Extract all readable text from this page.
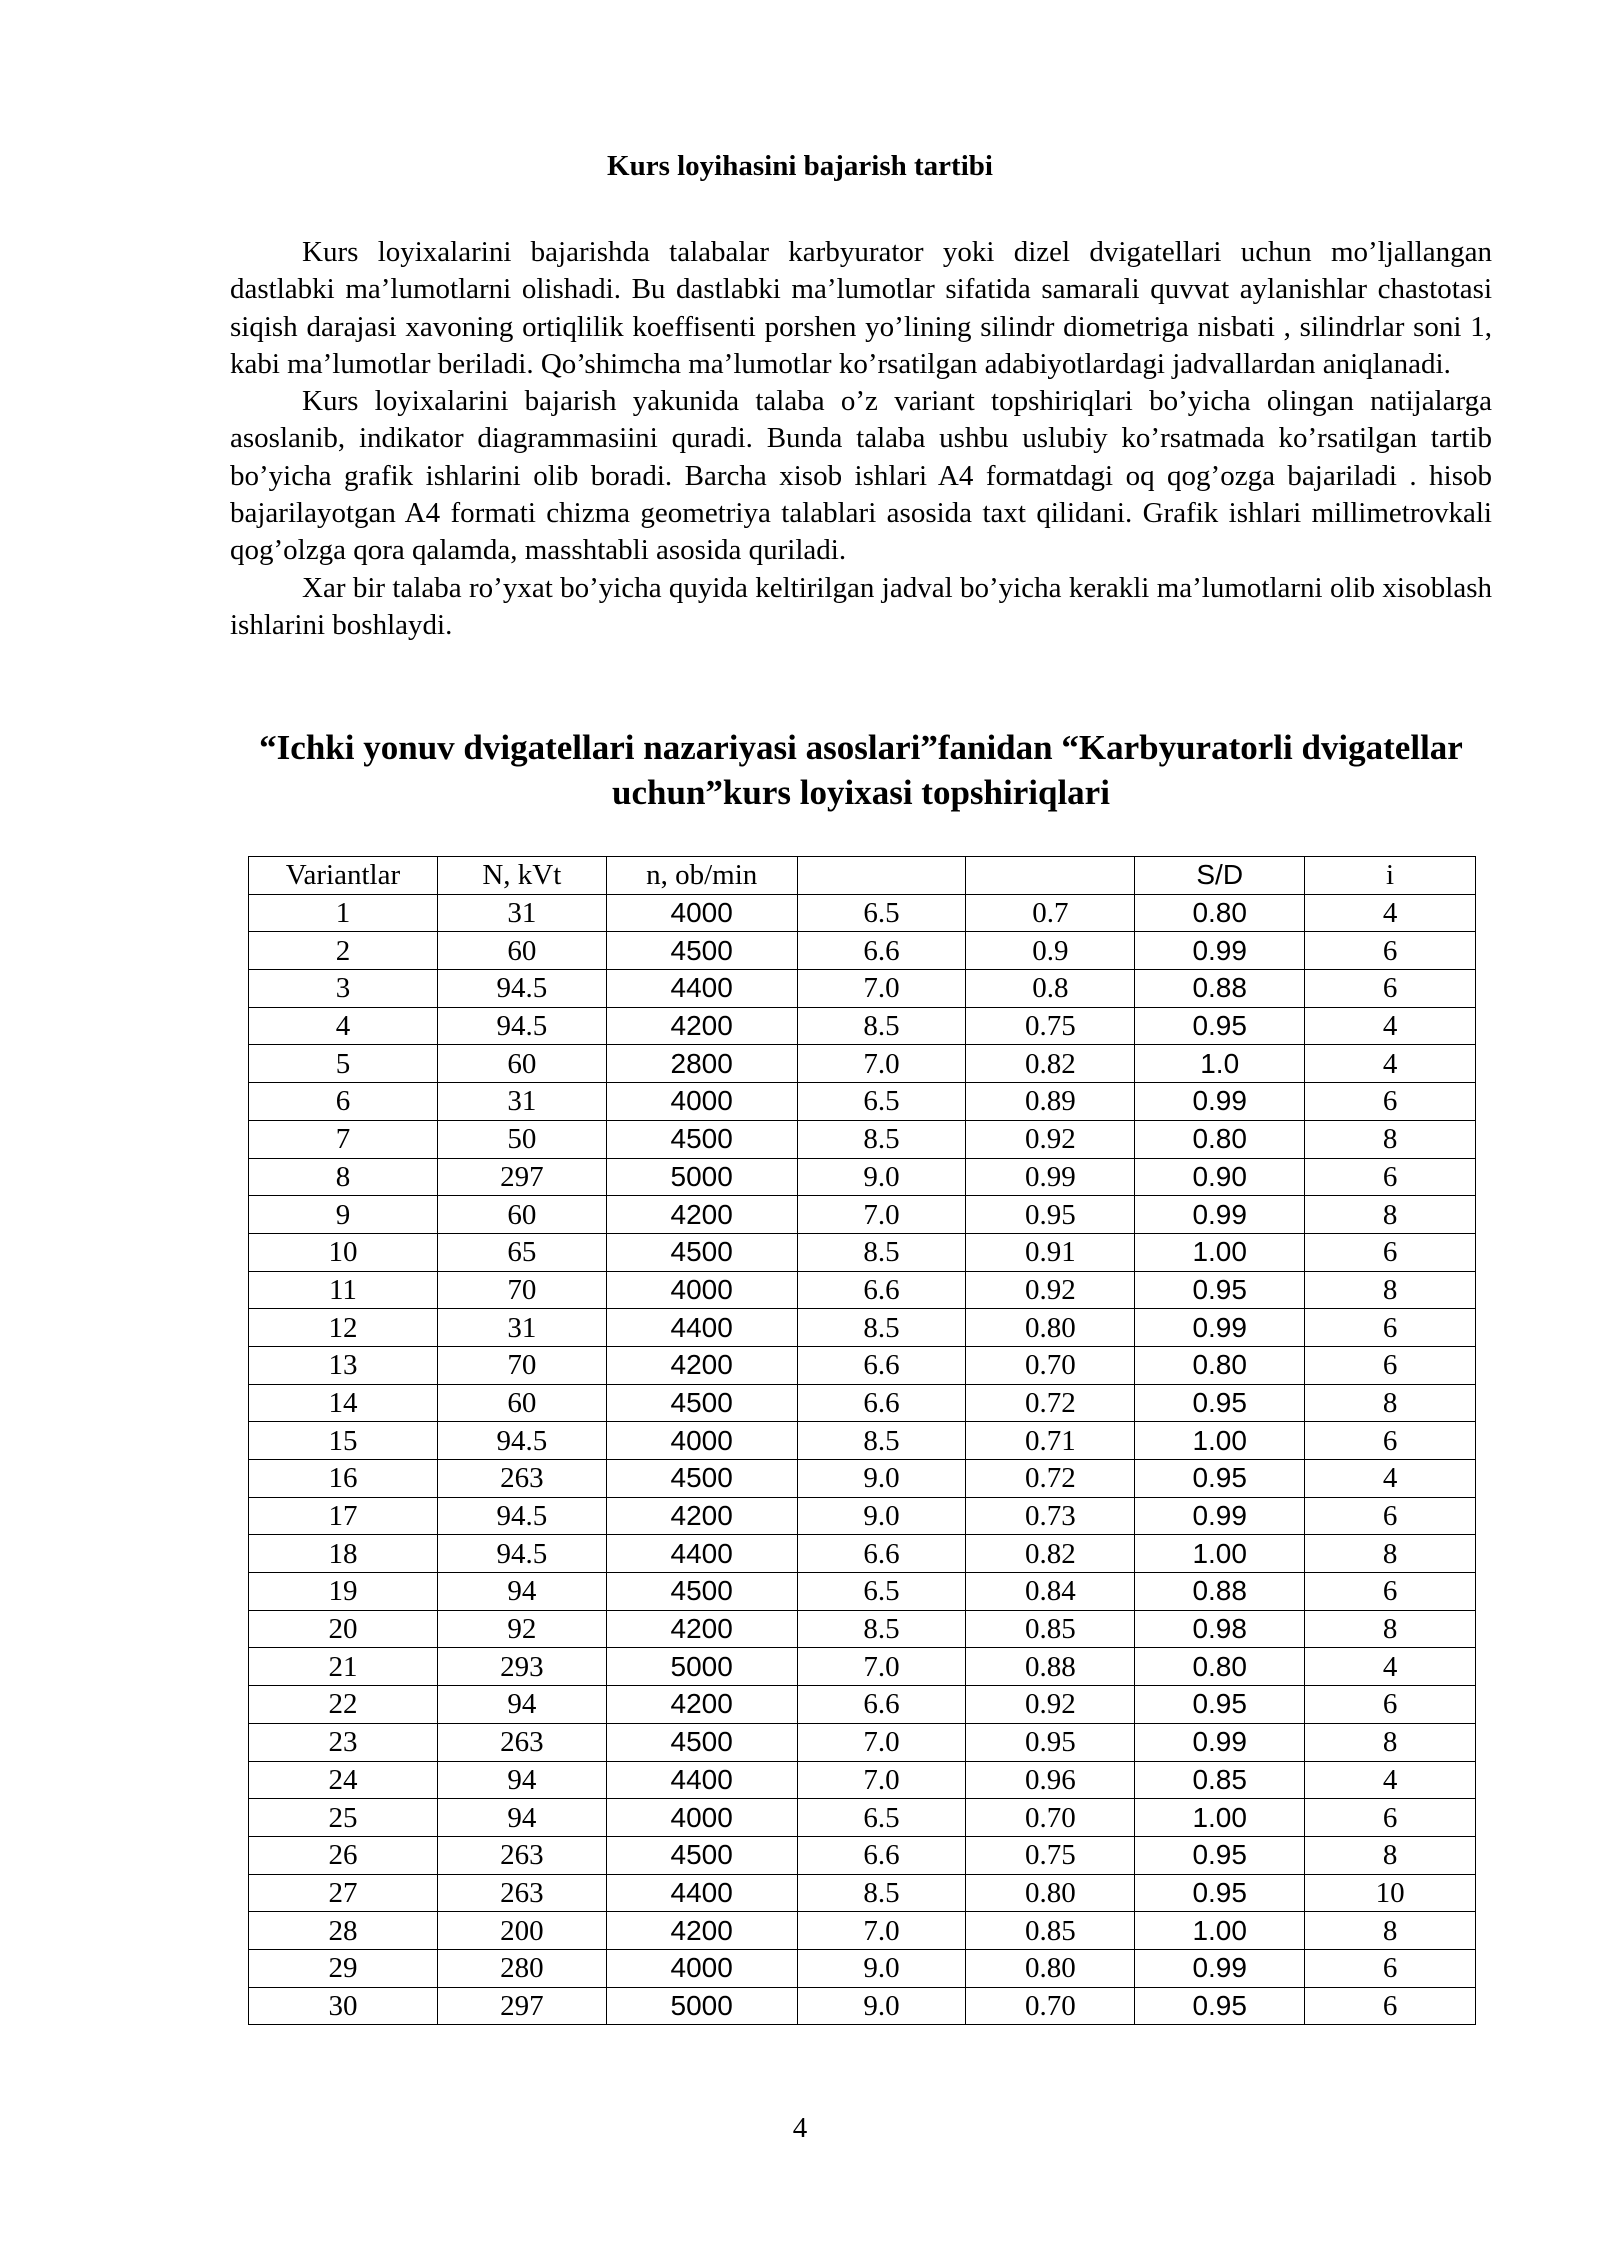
Kurs loyihasini bajarish tartibi

Kurs loyixalarini bajarishda talabalar karbyurator yoki dizel dvigatellari uchun mo’ljallangan dastlabki ma’lumotlarni olishadi. Bu dastlabki ma’lumotlar sifatida samarali quvvat aylanishlar chastotasi siqish darajasi xavoning ortiqlilik koeffisenti porshen yo’lining silindr diometriga nisbati , silindrlar soni 1, kabi ma’lumotlar beriladi. Qo’shimcha ma’lumotlar ko’rsatilgan adabiyotlardagi jadvallardan aniqlanadi.

Kurs loyixalarini bajarish yakunida talaba o’z variant topshiriqlari bo’yicha olingan natijalarga asoslanib, indikator diagrammasiini quradi. Bunda talaba ushbu uslubiy ko’rsatmada ko’rsatilgan tartib bo’yicha grafik ishlarini olib boradi. Barcha xisob ishlari A4 formatdagi oq qog’ozga bajariladi . hisob bajarilayotgan A4 formati chizma geometriya talablari asosida taxt qilidani. Grafik ishlari millimetrovkali qog’olzga qora qalamda, masshtabli asosida quriladi.

Xar bir talaba ro’yxat bo’yicha quyida keltirilgan jadval bo’yicha kerakli ma’lumotlarni olib xisoblash ishlarini boshlaydi.

“Ichki yonuv dvigatellari nazariyasi asoslari”fanidan “Karbyuratorli dvigatellar uchun”kurs loyixasi topshiriqlari
Variantlar	N, kVt	n, ob/min			S/D	i
1	31	4000	6.5	0.7	0.80	4
2	60	4500	6.6	0.9	0.99	6
3	94.5	4400	7.0	0.8	0.88	6
4	94.5	4200	8.5	0.75	0.95	4
5	60	2800	7.0	0.82	1.0	4
6	31	4000	6.5	0.89	0.99	6
7	50	4500	8.5	0.92	0.80	8
8	297	5000	9.0	0.99	0.90	6
9	60	4200	7.0	0.95	0.99	8
10	65	4500	8.5	0.91	1.00	6
11	70	4000	6.6	0.92	0.95	8
12	31	4400	8.5	0.80	0.99	6
13	70	4200	6.6	0.70	0.80	6
14	60	4500	6.6	0.72	0.95	8
15	94.5	4000	8.5	0.71	1.00	6
16	263	4500	9.0	0.72	0.95	4
17	94.5	4200	9.0	0.73	0.99	6
18	94.5	4400	6.6	0.82	1.00	8
19	94	4500	6.5	0.84	0.88	6
20	92	4200	8.5	0.85	0.98	8
21	293	5000	7.0	0.88	0.80	4
22	94	4200	6.6	0.92	0.95	6
23	263	4500	7.0	0.95	0.99	8
24	94	4400	7.0	0.96	0.85	4
25	94	4000	6.5	0.70	1.00	6
26	263	4500	6.6	0.75	0.95	8
27	263	4400	8.5	0.80	0.95	10
28	200	4200	7.0	0.85	1.00	8
29	280	4000	9.0	0.80	0.99	6
30	297	5000	9.0	0.70	0.95	6
4
